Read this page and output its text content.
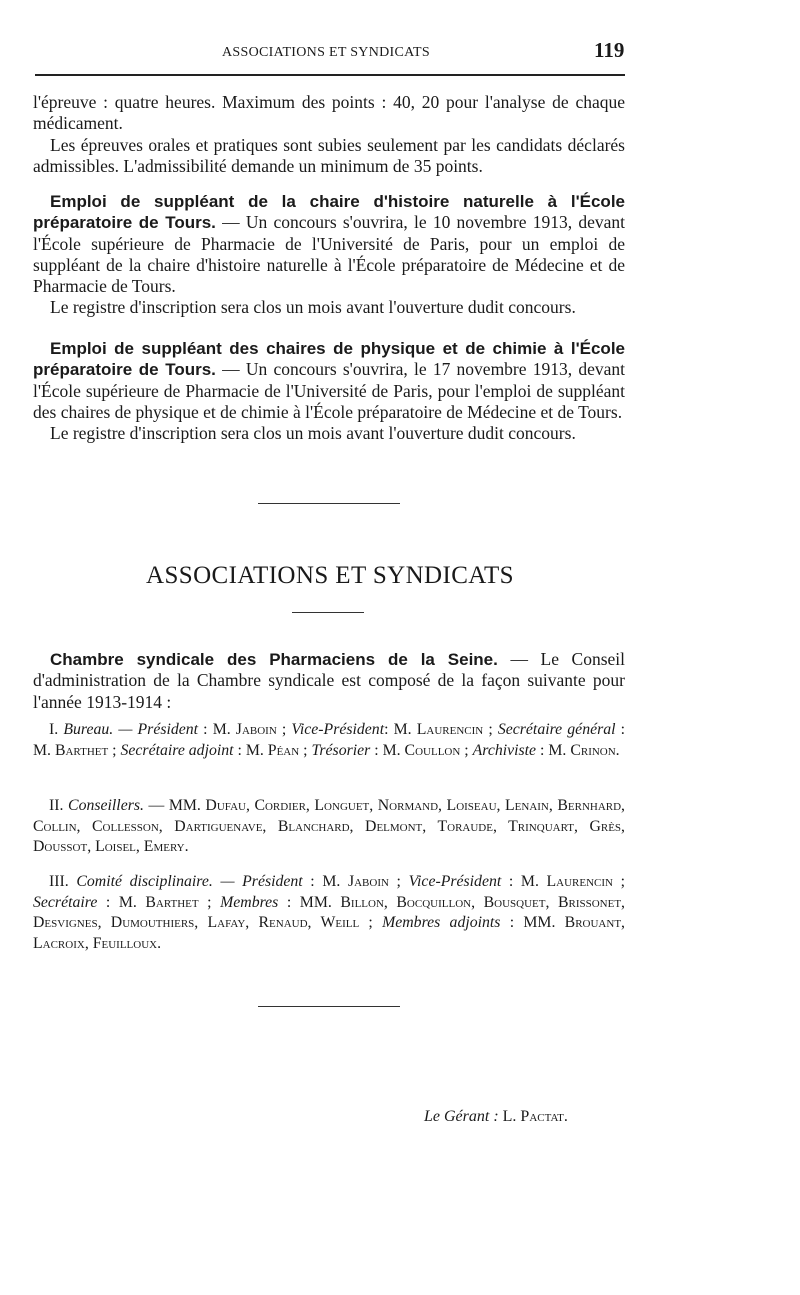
ASSOCIATIONS ET SYNDICATS	119

l'épreuve : quatre heures. Maximum des points : 40, 20 pour l'analyse de chaque médicament.

Les épreuves orales et pratiques sont subies seulement par les candidats déclarés admissibles. L'admissibilité demande un minimum de 35 points.

Emploi de suppléant de la chaire d'histoire naturelle à l'École préparatoire de Tours. — Un concours s'ouvrira, le 10 novembre 1913, devant l'École supérieure de Pharmacie de l'Université de Paris, pour un emploi de suppléant de la chaire d'histoire naturelle à l'École préparatoire de Médecine et de Pharmacie de Tours.

Le registre d'inscription sera clos un mois avant l'ouverture dudit concours.

Emploi de suppléant des chaires de physique et de chimie à l'École préparatoire de Tours. — Un concours s'ouvrira, le 17 novembre 1913, devant l'École supérieure de Pharmacie de l'Université de Paris, pour l'emploi de suppléant des chaires de physique et de chimie à l'École préparatoire de Médecine et de Tours.

Le registre d'inscription sera clos un mois avant l'ouverture dudit concours.

ASSOCIATIONS ET SYNDICATS

Chambre syndicale des Pharmaciens de la Seine. — Le Conseil d'administration de la Chambre syndicale est composé de la façon suivante pour l'année 1913-1914 :

I. Bureau. — Président : M. Jaboin ; Vice-Président: M. Laurencin ; Secrétaire général : M. Barthet ; Secrétaire adjoint : M. Péan ; Trésorier : M. Coullon ; Archiviste : M. Crinon.

II. Conseillers. — MM. Dufau, Cordier, Longuet, Normand, Loiseau, Lenain, Bernhard, Collin, Collesson, Dartiguenave, Blanchard, Delmont, Toraude, Trinquart, Grès, Doussot, Loisel, Emery.

III. Comité disciplinaire. — Président : M. Jaboin ; Vice-Président : M. Laurencin ; Secrétaire : M. Barthet ; Membres : MM. Billon, Bocquillon, Bousquet, Brissonet, Desvignes, Dumouthiers, Lafay, Renaud, Weill ; Membres adjoints : MM. Brouant, Lacroix, Feuilloux.

Le Gérant : L. Pactat.
